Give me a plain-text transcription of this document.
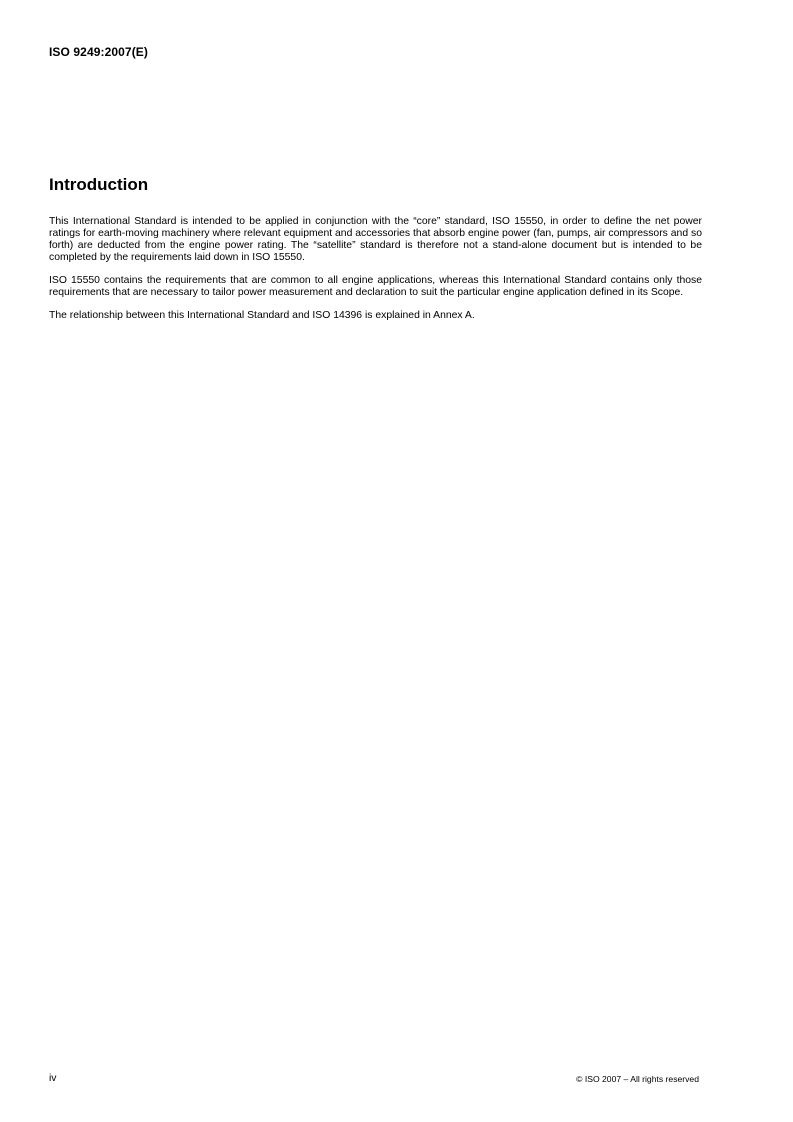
ISO 9249:2007(E)
Introduction

This International Standard is intended to be applied in conjunction with the “core” standard, ISO 15550, in order to define the net power ratings for earth-moving machinery where relevant equipment and accessories that absorb engine power (fan, pumps, air compressors and so forth) are deducted from the engine power rating. The “satellite” standard is therefore not a stand-alone document but is intended to be completed by the requirements laid down in ISO 15550.

ISO 15550 contains the requirements that are common to all engine applications, whereas this International Standard contains only those requirements that are necessary to tailor power measurement and declaration to suit the particular engine application defined in its Scope.

The relationship between this International Standard and ISO 14396 is explained in Annex A.

iv	© ISO 2007 – All rights reserved
